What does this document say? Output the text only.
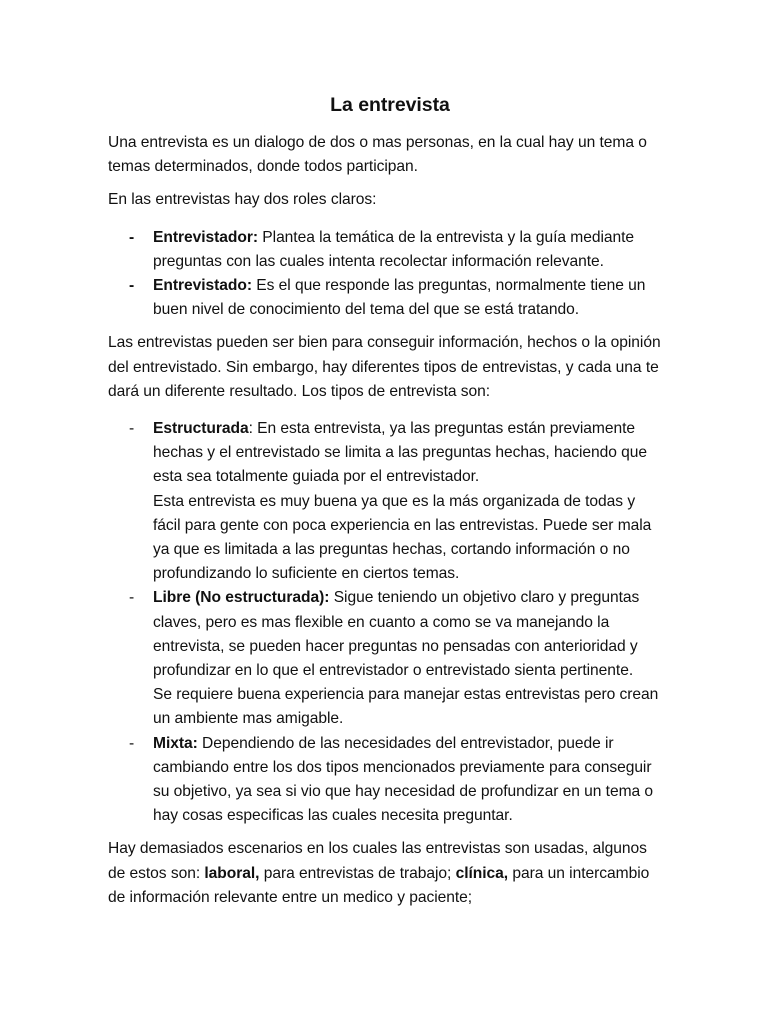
La entrevista

Una entrevista es un dialogo de dos o mas personas, en la cual hay un tema o temas determinados, donde todos participan.

En las entrevistas hay dos roles claros:

- Entrevistador: Plantea la temática de la entrevista y la guía mediante preguntas con las cuales intenta recolectar información relevante.
- Entrevistado: Es el que responde las preguntas, normalmente tiene un buen nivel de conocimiento del tema del que se está tratando.

Las entrevistas pueden ser bien para conseguir información, hechos o la opinión del entrevistado. Sin embargo, hay diferentes tipos de entrevistas, y cada una te dará un diferente resultado. Los tipos de entrevista son:

- Estructurada: En esta entrevista, ya las preguntas están previamente hechas y el entrevistado se limita a las preguntas hechas, haciendo que esta sea totalmente guiada por el entrevistador.
Esta entrevista es muy buena ya que es la más organizada de todas y fácil para gente con poca experiencia en las entrevistas. Puede ser mala ya que es limitada a las preguntas hechas, cortando información o no profundizando lo suficiente en ciertos temas.
- Libre (No estructurada): Sigue teniendo un objetivo claro y preguntas claves, pero es mas flexible en cuanto a como se va manejando la entrevista, se pueden hacer preguntas no pensadas con anterioridad y profundizar en lo que el entrevistador o entrevistado sienta pertinente.
Se requiere buena experiencia para manejar estas entrevistas pero crean un ambiente mas amigable.
- Mixta: Dependiendo de las necesidades del entrevistador, puede ir cambiando entre los dos tipos mencionados previamente para conseguir su objetivo, ya sea si vio que hay necesidad de profundizar en un tema o hay cosas especificas las cuales necesita preguntar.

Hay demasiados escenarios en los cuales las entrevistas son usadas, algunos de estos son: laboral, para entrevistas de trabajo; clínica, para un intercambio de información relevante entre un medico y paciente;
